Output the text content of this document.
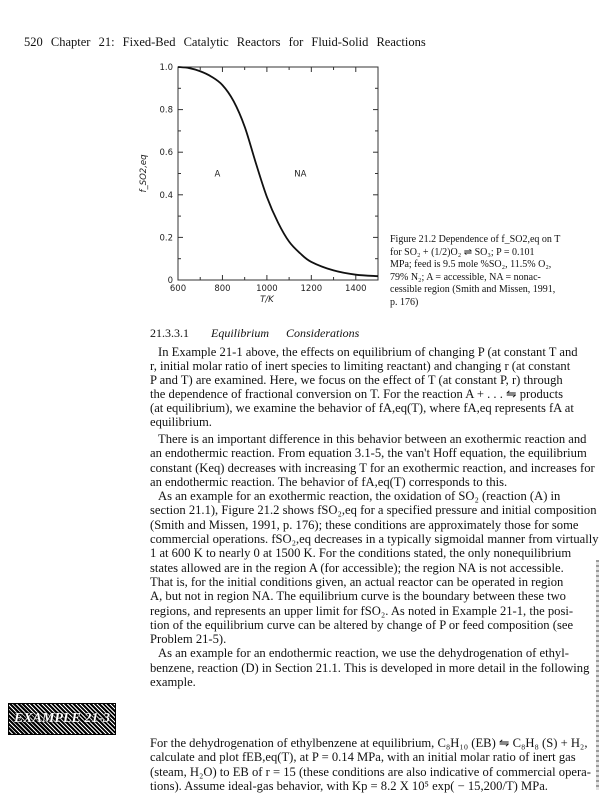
520 Chapter 21: Fixed-Bed Catalytic Reactors for Fluid-Solid Reactions
600	800	1000	1200	1400
0
0.2
0.4
0.6
0.8
1.0
T/K
f_SO2,eq	A	NA
Figure 21.2 Dependence of f_SO2,eq on T
for SO₂ + (1/2)O₂ ⇌ SO₃; P = 0.101
MPa; feed is 9.5 mole %SO₂, 11.5% O₂,
79% N₂; A = accessible, NA = nonac-
cessible region (Smith and Missen, 1991,
p. 176)
21.3.3.1 Equilibrium Considerations
In Example 21-1 above, the effects on equilibrium of changing P (at constant T and
r, initial molar ratio of inert species to limiting reactant) and changing r (at constant
P and T) are examined. Here, we focus on the effect of T (at constant P, r) through
the dependence of fractional conversion on T. For the reaction A + . . . ⇋ products
(at equilibrium), we examine the behavior of fA,eq(T), where fA,eq represents fA at
equilibrium.
There is an important difference in this behavior between an exothermic reaction and
an endothermic reaction. From equation 3.1-5, the van't Hoff equation, the equilibrium
constant (Keq) decreases with increasing T for an exothermic reaction, and increases for
an endothermic reaction. The behavior of fA,eq(T) corresponds to this.
As an example for an exothermic reaction, the oxidation of SO₂ (reaction (A) in
section 21.1), Figure 21.2 shows fSO₂,eq for a specified pressure and initial composition
(Smith and Missen, 1991, p. 176); these conditions are approximately those for some
commercial operations. fSO₂,eq decreases in a typically sigmoidal manner from virtually
1 at 600 K to nearly 0 at 1500 K. For the conditions stated, the only nonequilibrium
states allowed are in the region A (for accessible); the region NA is not accessible.
That is, for the initial conditions given, an actual reactor can be operated in region
A, but not in region NA. The equilibrium curve is the boundary between these two
regions, and represents an upper limit for fSO₂. As noted in Example 21-1, the posi-
tion of the equilibrium curve can be altered by change of P or feed composition (see
Problem 21-5).
As an example for an endothermic reaction, we use the dehydrogenation of ethyl-
benzene, reaction (D) in Section 21.1. This is developed in more detail in the following
example.
EXAMPLE 21-3
For the dehydrogenation of ethylbenzene at equilibrium, C₈H₁₀ (EB) ⇋ C₈H₈ (S) + H₂,
calculate and plot fEB,eq(T), at P = 0.14 MPa, with an initial molar ratio of inert gas
(steam, H₂O) to EB of r = 15 (these conditions are also indicative of commercial opera-
tions). Assume ideal-gas behavior, with Kp = 8.2 X 10⁵ exp( − 15,200/T) MPa.
